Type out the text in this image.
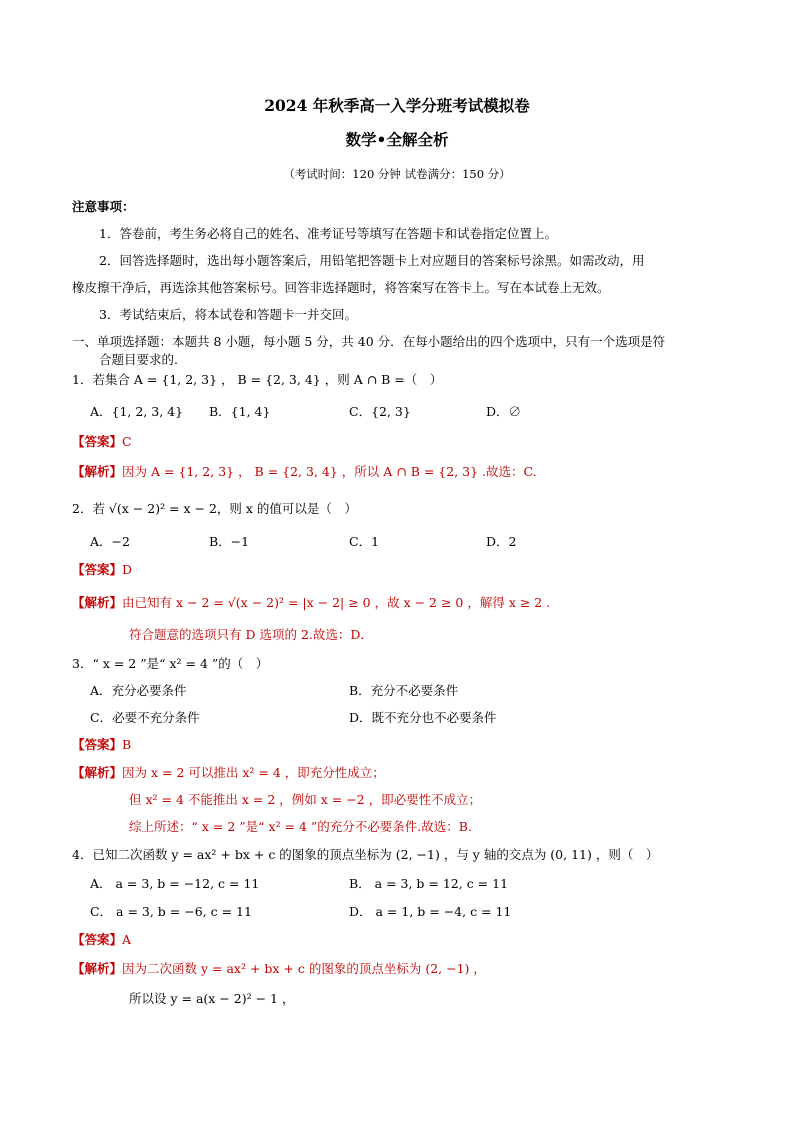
2024 年秋季高一入学分班考试模拟卷
数学•全解全析
（考试时间：120 分钟 试卷满分：150 分）
注意事项：
1．答卷前，考生务必将自己的姓名、准考证号等填写在答题卡和试卷指定位置上。
2．回答选择题时，选出每小题答案后，用铅笔把答题卡上对应题目的答案标号涂黑。如需改动，用
橡皮擦干净后，再选涂其他答案标号。回答非选择题时，将答案写在答卡上。写在本试卷上无效。
3．考试结束后，将本试卷和答题卡一并交回。
一、单项选择题：本题共 8 小题，每小题 5 分，共 40 分．在每小题给出的四个选项中，只有一个选项是符
合题目要求的.
1．若集合 A = {1, 2, 3} ， B = {2, 3, 4} ，则 A ∩ B =（　）
A．{1, 2, 3, 4} B．{1, 4}	C．{2, 3}	D．∅
【答案】C
【解析】因为 A = {1, 2, 3} ， B = {2, 3, 4} ，所以 A ∩ B = {2, 3} .故选：C.
2．若 √(x − 2)² = x − 2，则 x 的值可以是（　）
A．−2	B．−1	C．1	D．2
【答案】D
【解析】由已知有 x − 2 = √(x − 2)² = |x − 2| ≥ 0 ，故 x − 2 ≥ 0 ，解得 x ≥ 2 .
符合题意的选项只有 D 选项的 2.故选：D．
3．“ x = 2 ”是“ x² = 4 ”的（　）
A．充分必要条件	B．充分不必要条件
C．必要不充分条件	D．既不充分也不必要条件
【答案】B
【解析】因为 x = 2 可以推出 x² = 4 ，即充分性成立；
但 x² = 4 不能推出 x = 2 ，例如 x = −2 ，即必要性不成立；
综上所述：“ x = 2 ”是“ x² = 4 ”的充分不必要条件.故选：B.
4．已知二次函数 y = ax² + bx + c 的图象的顶点坐标为 (2, −1) ，与 y 轴的交点为 (0, 11) ，则（　）
A． a = 3, b = −12, c = 11	B． a = 3, b = 12, c = 11
C． a = 3, b = −6, c = 11	D． a = 1, b = −4, c = 11
【答案】A
【解析】因为二次函数 y = ax² + bx + c 的图象的顶点坐标为 (2, −1) ，
所以设 y = a(x − 2)² − 1 ，
